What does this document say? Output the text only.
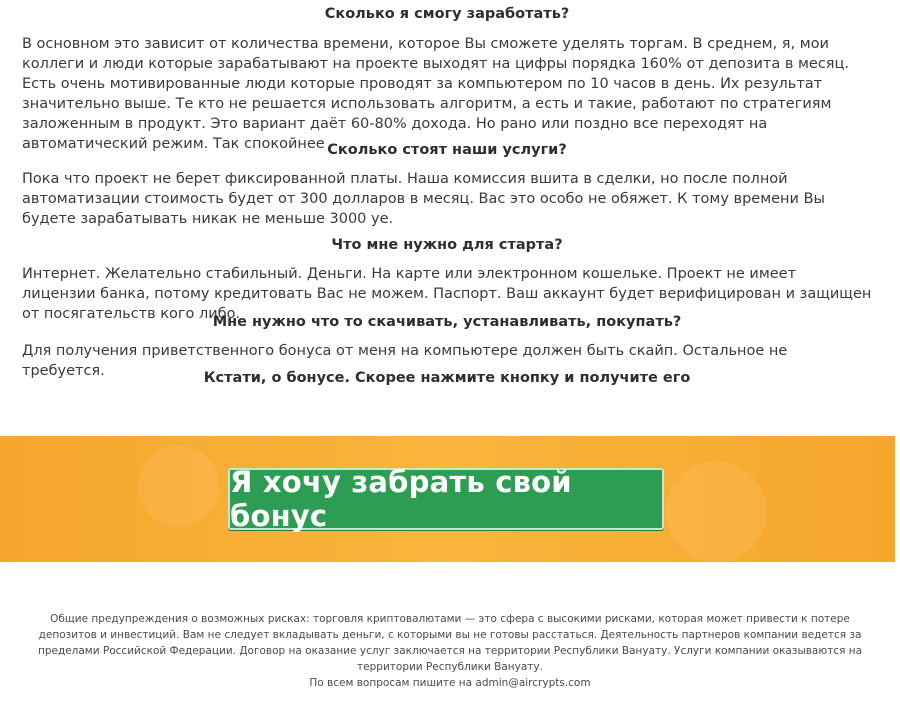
Сколько я смогу заработать?

В основном это зависит от количества времени, которое Вы сможете уделять торгам. В среднем, я, мои коллеги и люди которые зарабатывают на проекте выходят на цифры порядка 160% от депозита в месяц. Есть очень мотивированные люди которые проводят за компьютером по 10 часов в день. Их результат значительно выше. Те кто не решается использовать алгоритм, а есть и такие, работают по стратегиям заложенным в продукт. Это вариант даёт 60-80% дохода. Но рано или поздно все переходят на автоматический режим. Так спокойнее Сколько стоят наши услуги?

Пока что проект не берет фиксированной платы. Наша комиссия вшита в сделки, но после полной автоматизации стоимость будет от 300 долларов в месяц. Вас это особо не обяжет. К тому времени Вы будете зарабатывать никак не меньше 3000 уе.

Что мне нужно для старта?

Интернет. Желательно стабильный. Деньги. На карте или электронном кошельке. Проект не имеет лицензии банка, потому кредитовать Вас не можем. Паспорт. Ваш аккаунт будет верифицирован и защищен от посягательств кого либо.

Мне нужно что то скачивать, устанавливать, покупать?

Для получения приветственного бонуса от меня на компьютере должен быть скайп. Остальное не требуется.	Кстати, о бонусе. Скорее нажмите кнопку и получите его

Я хочу забрать свой бонус

Общие предупреждения о возможных рисках: торговля криптовалютами — это сфера с высокими рисками, которая может привести к потере депозитов и инвестиций. Вам не следует вкладывать деньги, с которыми вы не готовы расстаться. Деятельность партнеров компании ведется за пределами Российской Федерации. Договор на оказание услуг заключается на территории Республики Вануату. Услуги компании оказываются на территории Республики Вануату.

По всем вопросам пишите на admin@aircrypts.com
